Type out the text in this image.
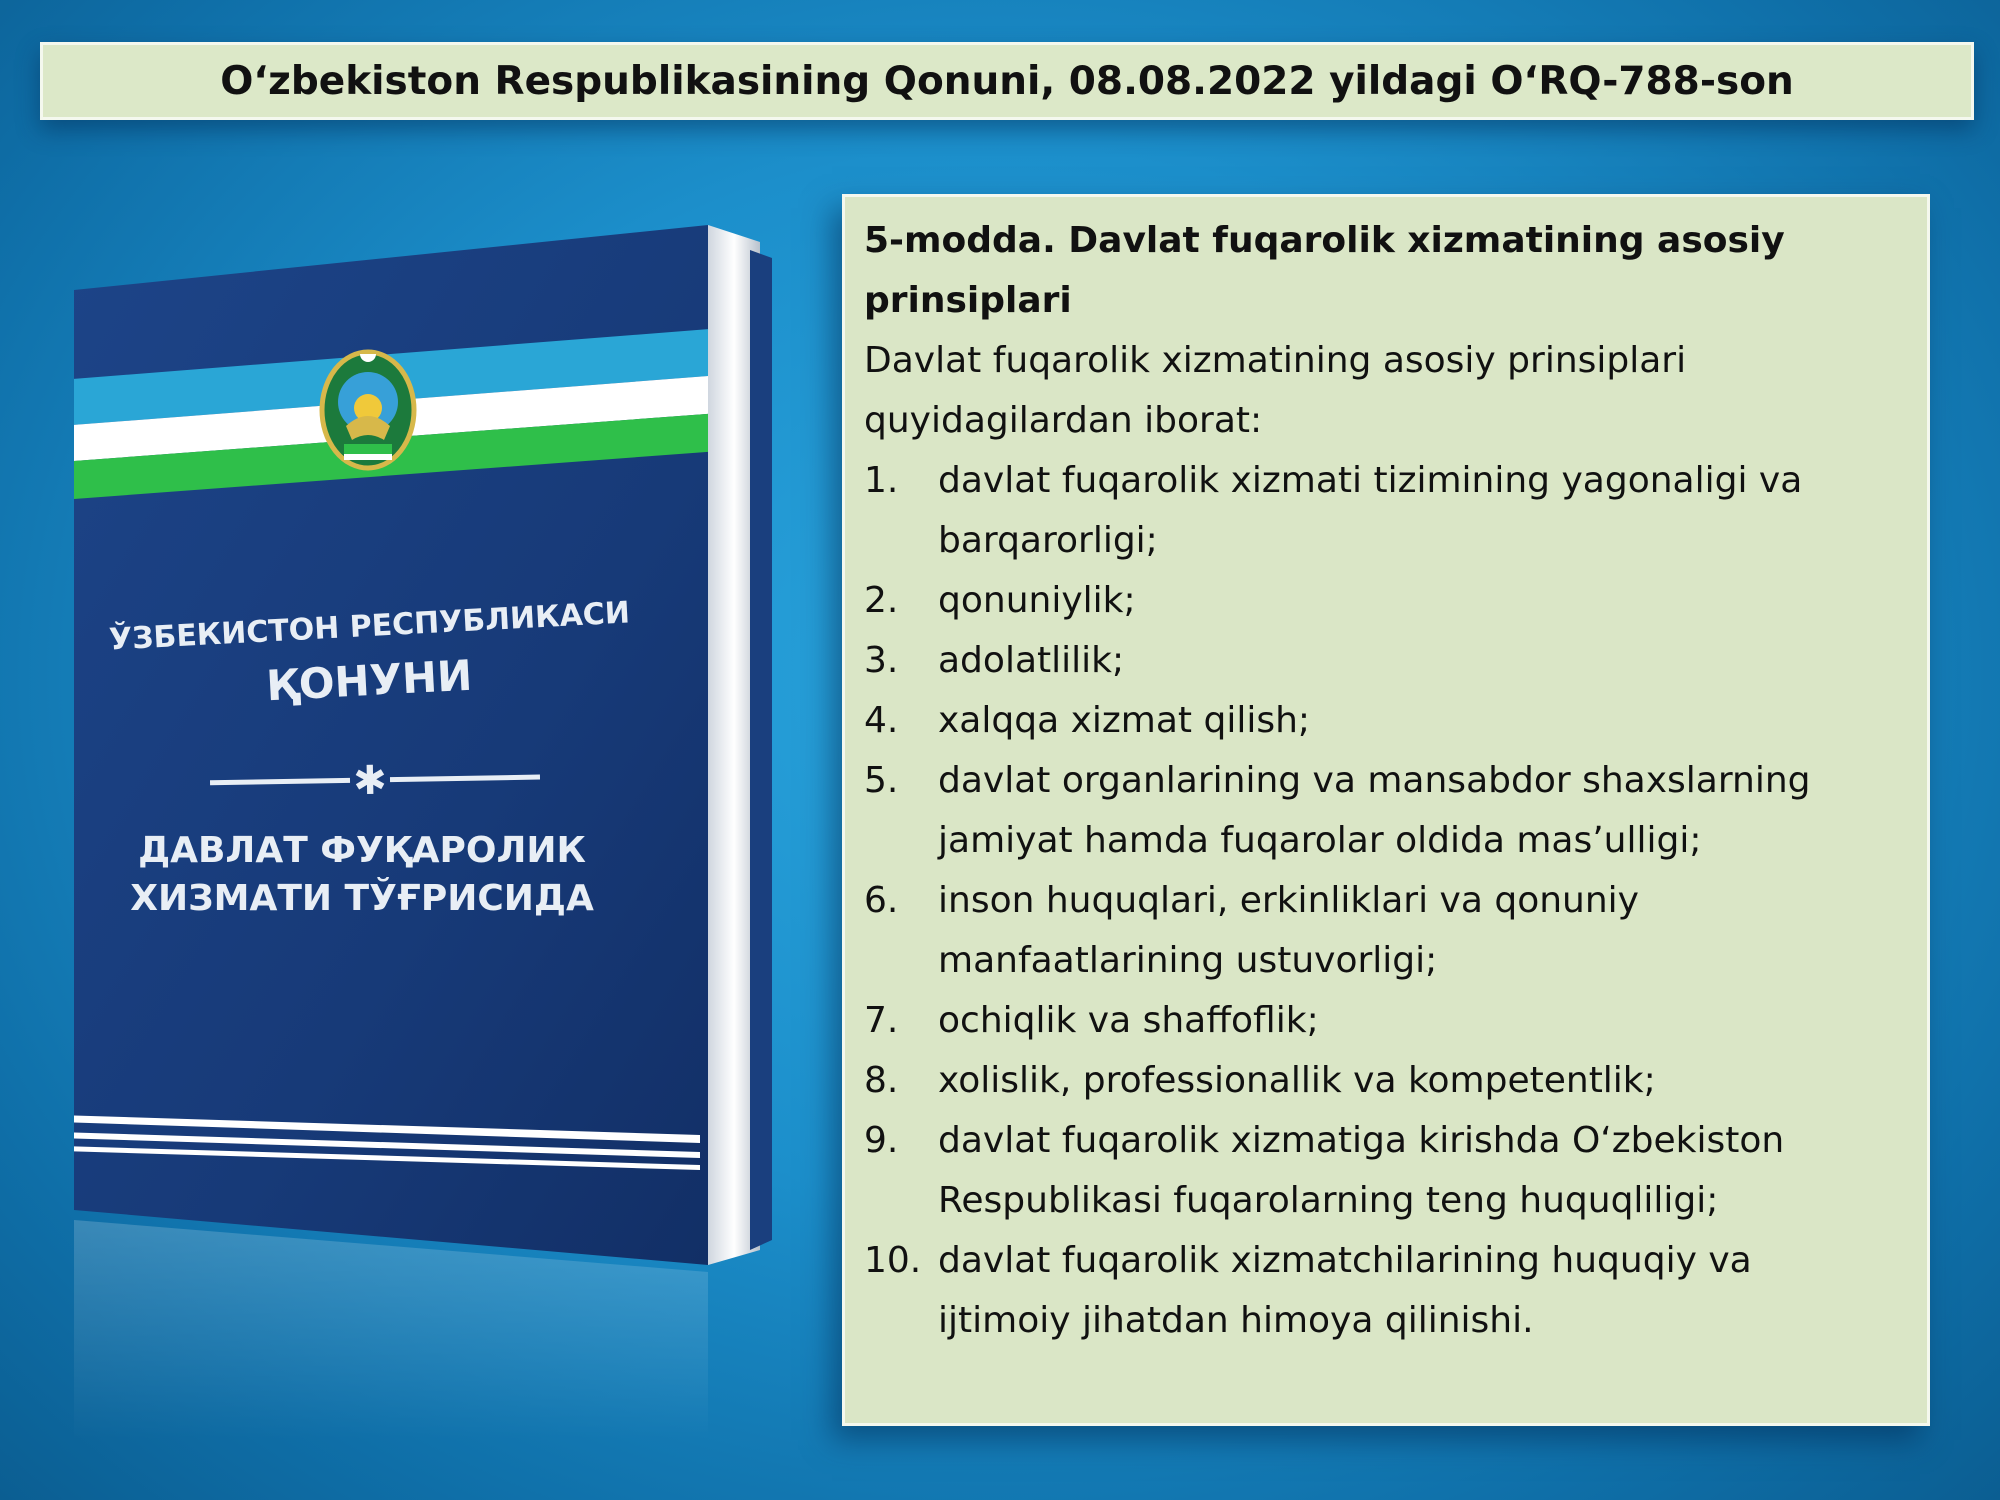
O‘zbekiston Respublikasining Qonuni, 08.08.2022 yildagi O‘RQ-788-son
ЎЗБЕКИСТОН РЕСПУБЛИКАСИ
ҚОНУНИ
✱
ДАВЛАТ ФУҚАРОЛИК
ХИЗМАТИ ТЎҒРИСИДА
5-modda. Davlat fuqarolik xizmatining asosiy
prinsiplari
Davlat fuqarolik xizmatining asosiy prinsiplari
quyidagilardan iborat:
1.	davlat fuqarolik xizmati tizimining yagonaligi va
barqarorligi;
2.	qonuniylik;
3.	adolatlilik;
4.	xalqqa xizmat qilish;
5.	davlat organlarining va mansabdor shaxslarning
jamiyat hamda fuqarolar oldida mas’ulligi;
6.	inson huquqlari, erkinliklari va qonuniy
manfaatlarining ustuvorligi;
7.	ochiqlik va shaffoflik;
8.	xolislik, professionallik va kompetentlik;
9.	davlat fuqarolik xizmatiga kirishda O‘zbekiston
Respublikasi fuqarolarning teng huquqliligi;
10. davlat fuqarolik xizmatchilarining huquqiy va
ijtimoiy jihatdan himoya qilinishi.
